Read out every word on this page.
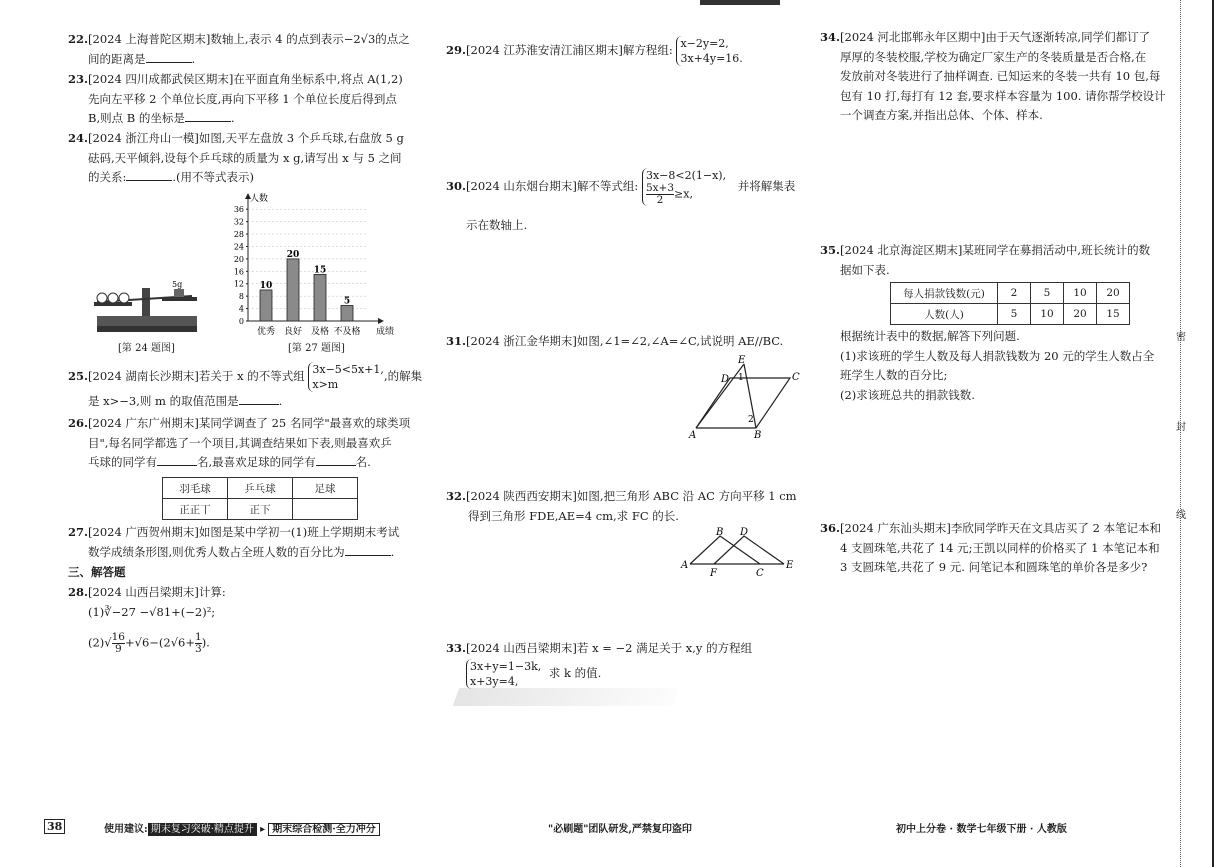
22.[2024 上海普陀区期末]数轴上,表示 4 的点到表示−2√3的点之
间的距离是	.
23.[2024 四川成都武侯区期末]在平面直角坐标系中,将点 A(1,2)
先向左平移 2 个单位长度,再向下平移 1 个单位长度后得到点
B,则点 B 的坐标是	.
24.[2024 浙江舟山一模]如图,天平左盘放 3 个乒乓球,右盘放 5 g
砝码,天平倾斜,设每个乒乓球的质量为 x g,请写出 x 与 5 之间
的关系:	.(用不等式表示)
5g
[第 24 题图]
人数
成绩
0
4
8
12
16
20
24
28
32
36
10
优秀
20
良好
15
及格
5
不及格
[第 27 题图]
25.[2024 湖南长沙期末]若关于 x 的不等式组 3x−5<5x+1,
x>m,的解集
是 x>−3,则 m 的取值范围是	.
26.[2024 广东广州期末]某同学调查了 25 名同学"最喜欢的球类项
目",每名同学都选了一个项目,其调查结果如下表,则最喜欢乒
乓球的同学有	名,最喜欢足球的同学有	名.
羽毛球	乒乓球	足球
正正丅	正下	
27.[2024 广西贺州期末]如图是某中学初一(1)班上学期期末考试
数学成绩条形图,则优秀人数占全班人数的百分比为	.
三、解答题
28.[2024 山西吕梁期末]计算:
(1)∛−27 −√81+(−2)²;
$(2)√ \frac{16}{9} +√6-(2√6+ \frac{1}{3}$ ).
29.[2024 江苏淮安清江浦区期末]解方程组: x−2y=2,
3x+4y=16.
30.[2024 山东烟台期末]解不等式组: 3x−8<2(1−x),

$\frac{5x+3}{2} \ge x$, 并将解集表
示在数轴上.
31.[2024 浙江金华期末]如图,∠1=∠2,∠A=∠C,试说明 AE//BC.
E
D	C
A	B
1
2
32.[2024 陕西西安期末]如图,把三角形 ABC 沿 AC 方向平移 1 cm
得到三角形 FDE,AE=4 cm,求 FC 的长.
A
B D
F	C
E
33.[2024 山西吕梁期末]若 x = −2 满足关于 x,y 的方程组
3x+y=1−3k,
x+3y=4, 求 k 的值.
34.[2024 河北邯郸永年区期中]由于天气逐渐转凉,同学们都订了
厚厚的冬装校服,学校为确定厂家生产的冬装质量是否合格,在
发放前对冬装进行了抽样调查. 已知运来的冬装一共有 10 包,每
包有 10 打,每打有 12 套,要求样本容量为 100. 请你帮学校设计
一个调查方案,并指出总体、个体、样本.
35.[2024 北京海淀区期末]某班同学在募捐活动中,班长统计的数
据如下表.
每人捐款钱数(元)	2	5	10	20
人数(人)	5	10	20	15
根据统计表中的数据,解答下列问题.
(1)求该班的学生人数及每人捐款钱数为 20 元的学生人数占全
班学生人数的百分比;
(2)求该班总共的捐款钱数.
36.[2024 广东汕头期末]李欣同学昨天在文具店买了 2 本笔记本和
4 支圆珠笔,共花了 14 元;王凯以同样的价格买了 1 本笔记本和
3 支圆珠笔,共花了 9 元. 问笔记本和圆珠笔的单价各是多少?
密
封
线
38	使用建议: 期末复习突破·精点提升 ▸ 期末综合检测·全力冲分	"必刷题"团队研发,严禁复印盗印	初中上分卷 · 数学七年级下册 · 人教版
